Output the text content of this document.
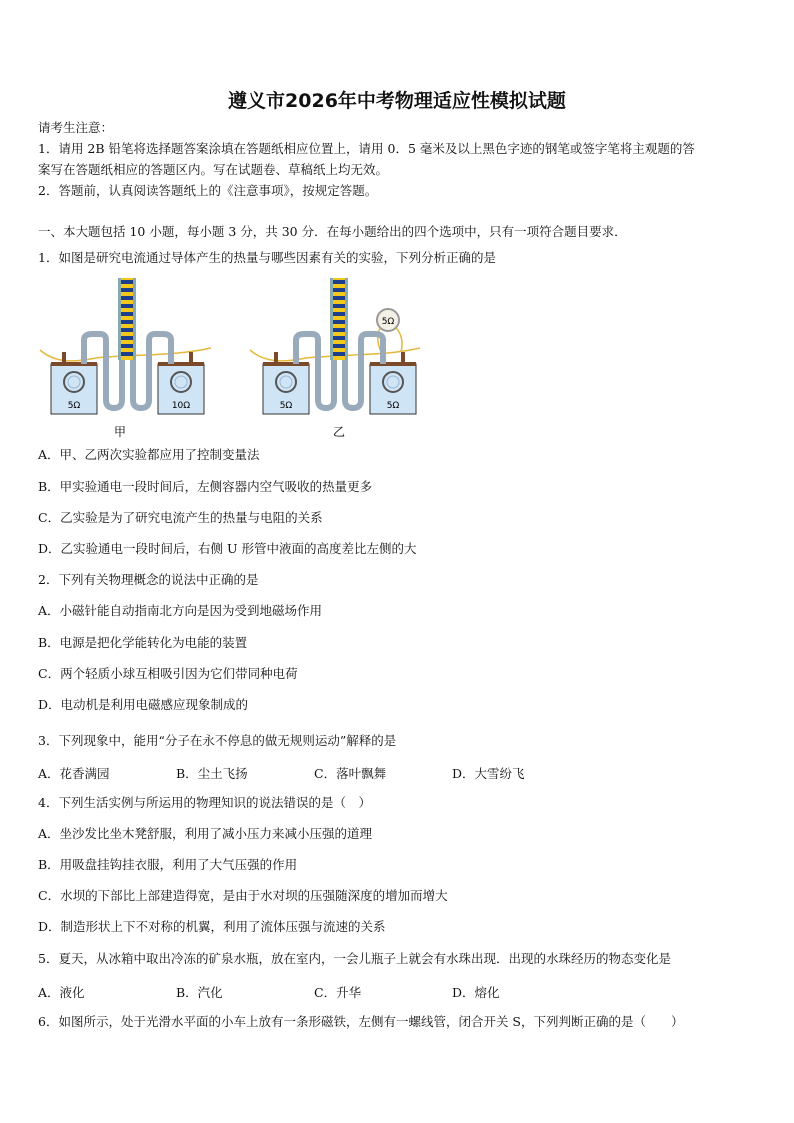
遵义市2026年中考物理适应性模拟试题
请考生注意：
1．请用 2B 铅笔将选择题答案涂填在答题纸相应位置上，请用 0．5 毫米及以上黑色字迹的钢笔或签字笔将主观题的答
案写在答题纸相应的答题区内。写在试题卷、草稿纸上均无效。
2．答题前，认真阅读答题纸上的《注意事项》，按规定答题。
一、本大题包括 10 小题，每小题 3 分，共 30 分．在每小题给出的四个选项中，只有一项符合题目要求．
1．如图是研究电流通过导体产生的热量与哪些因素有关的实验，下列分析正确的是
5Ω	10Ω
甲
5Ω	5Ω
5Ω
乙
A．甲、乙两次实验都应用了控制变量法
B．甲实验通电一段时间后，左侧容器内空气吸收的热量更多
C．乙实验是为了研究电流产生的热量与电阻的关系
D．乙实验通电一段时间后，右侧 U 形管中液面的高度差比左侧的大
2．下列有关物理概念的说法中正确的是
A．小磁针能自动指南北方向是因为受到地磁场作用
B．电源是把化学能转化为电能的装置
C．两个轻质小球互相吸引因为它们带同种电荷
D．电动机是利用电磁感应现象制成的
3．下列现象中，能用“分子在永不停息的做无规则运动”解释的是
A．花香满园	B．尘土飞扬	C．落叶飘舞	D．大雪纷飞
4．下列生活实例与所运用的物理知识的说法错误的是（　）
A．坐沙发比坐木凳舒服，利用了减小压力来减小压强的道理
B．用吸盘挂钩挂衣服，利用了大气压强的作用
C．水坝的下部比上部建造得宽，是由于水对坝的压强随深度的增加而增大
D．制造形状上下不对称的机翼，利用了流体压强与流速的关系
5．夏天，从冰箱中取出冷冻的矿泉水瓶，放在室内，一会儿瓶子上就会有水珠出现．出现的水珠经历的物态变化是
A．液化	B．汽化	C．升华	D．熔化
6．如图所示，处于光滑水平面的小车上放有一条形磁铁，左侧有一螺线管，闭合开关 S，下列判断正确的是（　　）
